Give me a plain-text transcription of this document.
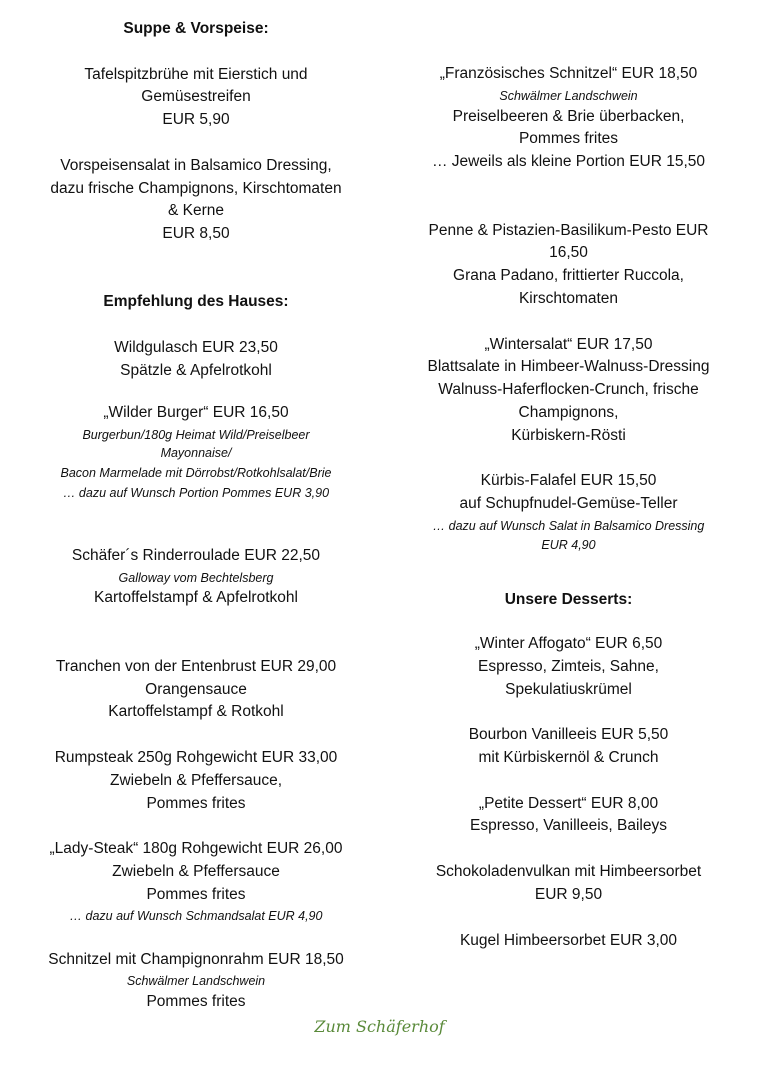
Suppe & Vorspeise:
Tafelspitzbrühe mit Eierstich und
Gemüsestreifen
EUR 5,90
Vorspeisensalat in Balsamico Dressing,
dazu frische Champignons, Kirschtomaten
& Kerne
EUR 8,50
Empfehlung des Hauses:
Wildgulasch EUR 23,50
Spätzle & Apfelrotkohl
„Wilder Burger“ EUR 16,50
Burgerbun/180g Heimat Wild/Preiselbeer
Mayonnaise/
Bacon Marmelade mit Dörrobst/Rotkohlsalat/Brie
… dazu auf Wunsch Portion Pommes EUR 3,90
Schäfer´s Rinderroulade EUR 22,50
Galloway vom Bechtelsberg
Kartoffelstampf & Apfelrotkohl
Tranchen von der Entenbrust EUR 29,00
Orangensauce
Kartoffelstampf & Rotkohl
Rumpsteak 250g Rohgewicht EUR 33,00
Zwiebeln & Pfeffersauce,
Pommes frites
„Lady-Steak“ 180g Rohgewicht EUR 26,00
Zwiebeln & Pfeffersauce
Pommes frites
… dazu auf Wunsch Schmandsalat EUR 4,90
Schnitzel mit Champignonrahm EUR 18,50
Schwälmer Landschwein
Pommes frites
„Französisches Schnitzel“ EUR 18,50
Schwälmer Landschwein
Preiselbeeren & Brie überbacken,
Pommes frites
… Jeweils als kleine Portion EUR 15,50
Penne & Pistazien-Basilikum-Pesto EUR
16,50
Grana Padano, frittierter Ruccola,
Kirschtomaten
„Wintersalat“ EUR 17,50
Blattsalate in Himbeer-Walnuss-Dressing
Walnuss-Haferflocken-Crunch, frische
Champignons,
Kürbiskern-Rösti
Kürbis-Falafel EUR 15,50
auf Schupfnudel-Gemüse-Teller
… dazu auf Wunsch Salat in Balsamico Dressing
EUR 4,90
Unsere Desserts:
„Winter Affogato“ EUR 6,50
Espresso, Zimteis, Sahne,
Spekulatiuskrümel
Bourbon Vanilleeis EUR 5,50
mit Kürbiskernöl & Crunch
„Petite Dessert“ EUR 8,00
Espresso, Vanilleeis, Baileys
Schokoladenvulkan mit Himbeersorbet
EUR 9,50
Kugel Himbeersorbet EUR 3,00
Zum Schäferhof
